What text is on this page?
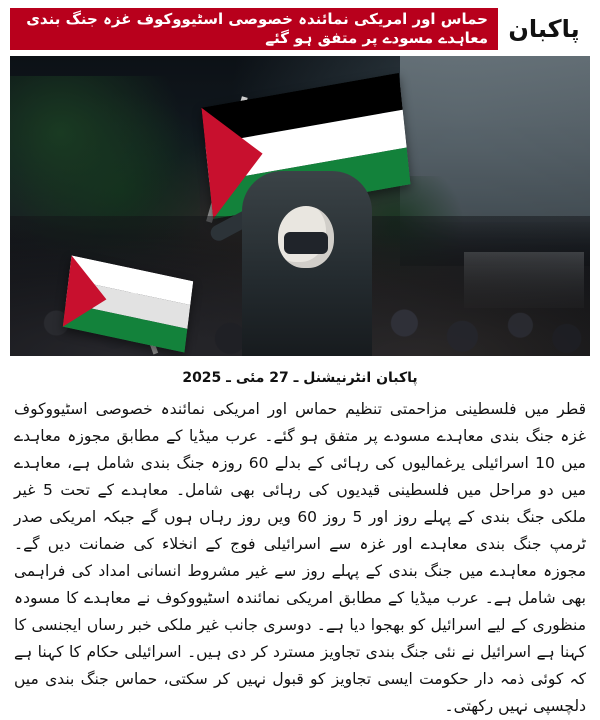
پاکبان
حماس اور امریکی نمائندہ خصوصی اسٹیووکوف غزہ جنگ بندی معاہدے مسودے پر متفق ہو گئے
پاکبان انٹرنیشنل ـ 27 مئی ـ 2025
قطر میں فلسطینی مزاحمتی تنظیم حماس اور امریکی نمائندہ خصوصی اسٹیووکوف غزہ جنگ بندی معاہدے مسودے پر متفق ہو گئے۔ عرب میڈیا کے مطابق مجوزہ معاہدے میں 10 اسرائیلی یرغمالیوں کی رہائی کے بدلے 60 روزہ جنگ بندی شامل ہے، معاہدے میں دو مراحل میں فلسطینی قیدیوں کی رہائی بھی شامل۔ معاہدے کے تحت 5 غیر ملکی جنگ بندی کے پہلے روز اور 5 روز 60 ویں روز رہاں ہوں گے جبکہ امریکی صدر ٹرمپ جنگ بندی معاہدے اور غزہ سے اسرائیلی فوج کے انخلاء کی ضمانت دیں گے۔ مجوزہ معاہدے میں جنگ بندی کے پہلے روز سے غیر مشروط انسانی امداد کی فراہمی بھی شامل ہے۔ عرب میڈیا کے مطابق امریکی نمائندہ اسٹیووکوف نے معاہدے کا مسودہ منظوری کے لیے اسرائیل کو بھجوا دیا ہے۔ دوسری جانب غیر ملکی خبر رساں ایجنسی کا کہنا ہے اسرائیل نے نئی جنگ بندی تجاویز مسترد کر دی ہیں۔ اسرائیلی حکام کا کہنا ہے کہ کوئی ذمہ دار حکومت ایسی تجاویز کو قبول نہیں کر سکتی، حماس جنگ بندی میں دلچسپی نہیں رکھتی۔
